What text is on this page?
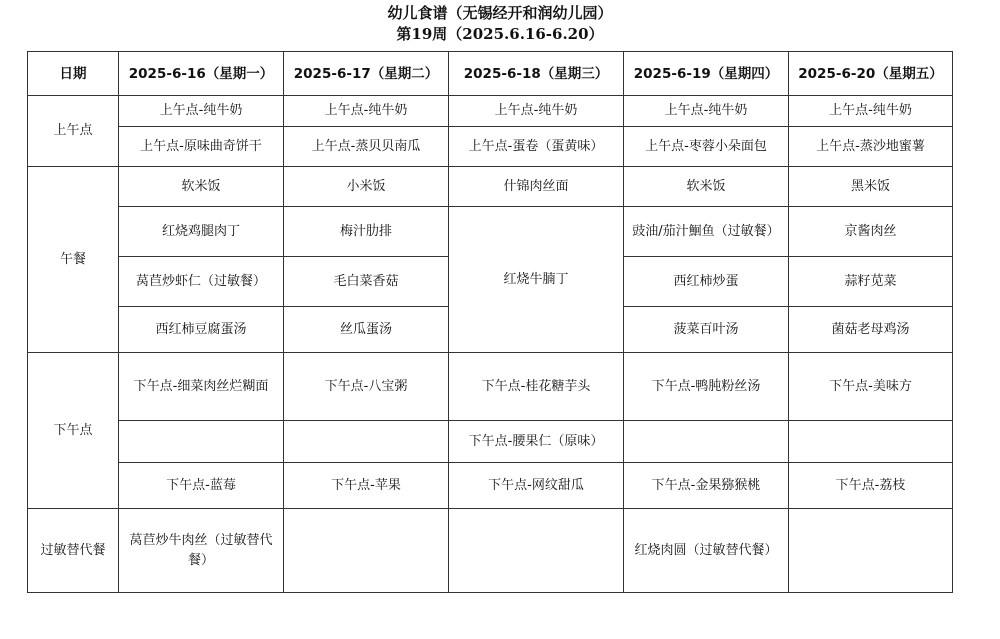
幼儿食谱（无锡经开和润幼儿园）
第19周（2025.6.16-6.20）
日期	2025-6-16（星期一）	2025-6-17（星期二）	2025-6-18（星期三）	2025-6-19（星期四）	2025-6-20（星期五）
上午点	上午点-纯牛奶	上午点-纯牛奶	上午点-纯牛奶	上午点-纯牛奶	上午点-纯牛奶
	上午点-原味曲奇饼干	上午点-蒸贝贝南瓜	上午点-蛋卷（蛋黄味）	上午点-枣蓉小朵面包	上午点-蒸沙地蜜薯
午餐	软米饭	小米饭	什锦肉丝面	软米饭	黑米饭
	红烧鸡腿肉丁	梅汁肋排	红烧牛腩丁	豉油/茄汁鮰鱼（过敏餐）	京酱肉丝
	莴苣炒虾仁（过敏餐）	毛白菜香菇		西红柿炒蛋	蒜籽苋菜
	西红柿豆腐蛋汤	丝瓜蛋汤		菠菜百叶汤	菌菇老母鸡汤
下午点	下午点-细菜肉丝烂糊面	下午点-八宝粥	下午点-桂花糖芋头	下午点-鸭肫粉丝汤	下午点-美味方
			下午点-腰果仁（原味）		
	下午点-蓝莓	下午点-苹果	下午点-网纹甜瓜	下午点-金果猕猴桃	下午点-荔枝
过敏替代餐	莴苣炒牛肉丝（过敏替代餐）			红烧肉圆（过敏替代餐）	
